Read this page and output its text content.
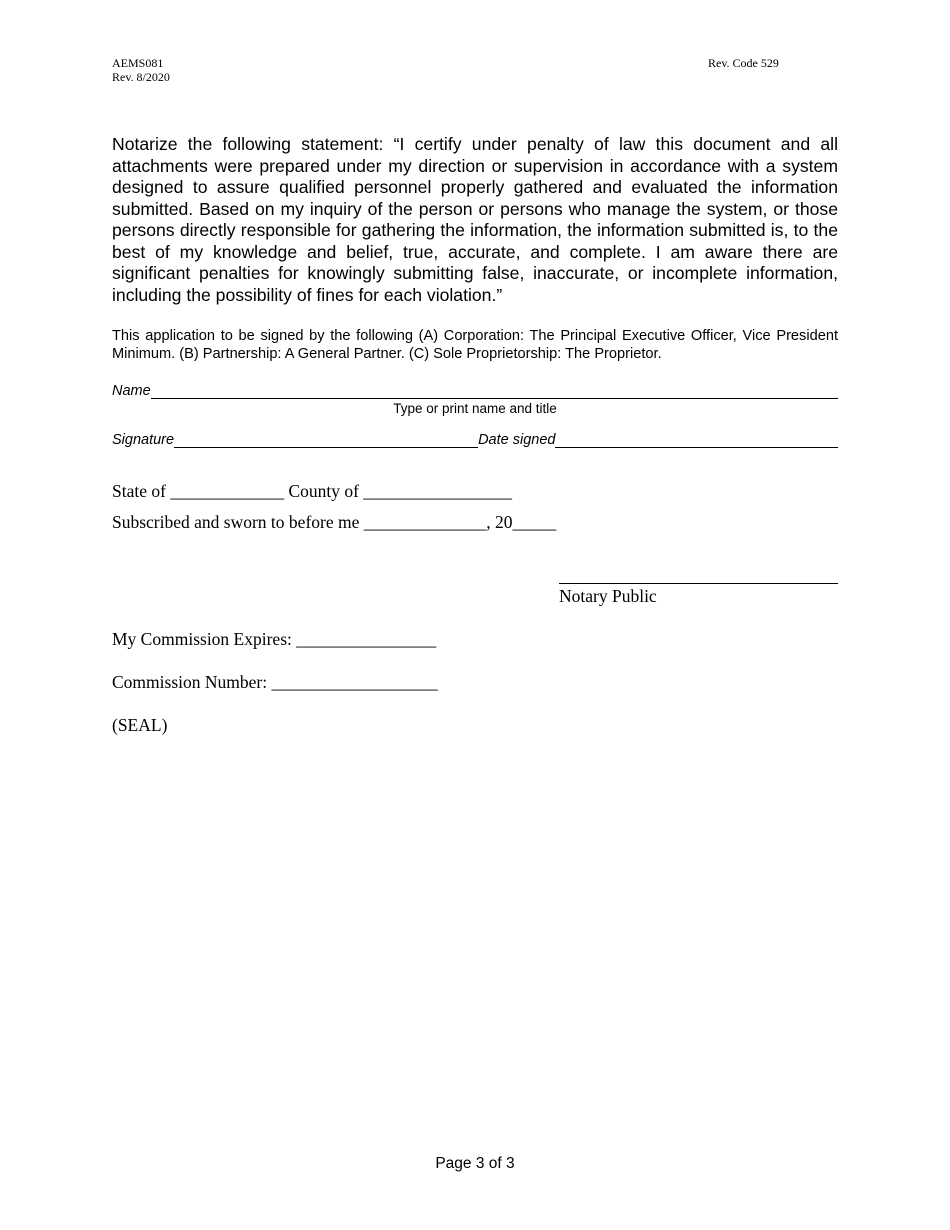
AEMS081
Rev. 8/2020
Rev. Code 529

Notarize the following statement: “I certify under penalty of law this document and all attachments were prepared under my direction or supervision in accordance with a system designed to assure qualified personnel properly gathered and evaluated the information submitted. Based on my inquiry of the person or persons who manage the system, or those persons directly responsible for gathering the information, the information submitted is, to the best of my knowledge and belief, true, accurate, and complete. I am aware there are significant penalties for knowingly submitting false, inaccurate, or incomplete information, including the possibility of fines for each violation.”

This application to be signed by the following (A) Corporation: The Principal Executive Officer, Vice President Minimum. (B) Partnership: A General Partner. (C) Sole Proprietorship: The Proprietor.

Name
Type or print name and title
Signature	Date signed

State of _____________ County of _________________

Subscribed and sworn to before me ______________, 20_____

Notary Public

My Commission Expires: ________________

Commission Number: ___________________

(SEAL)

Page 3 of 3
